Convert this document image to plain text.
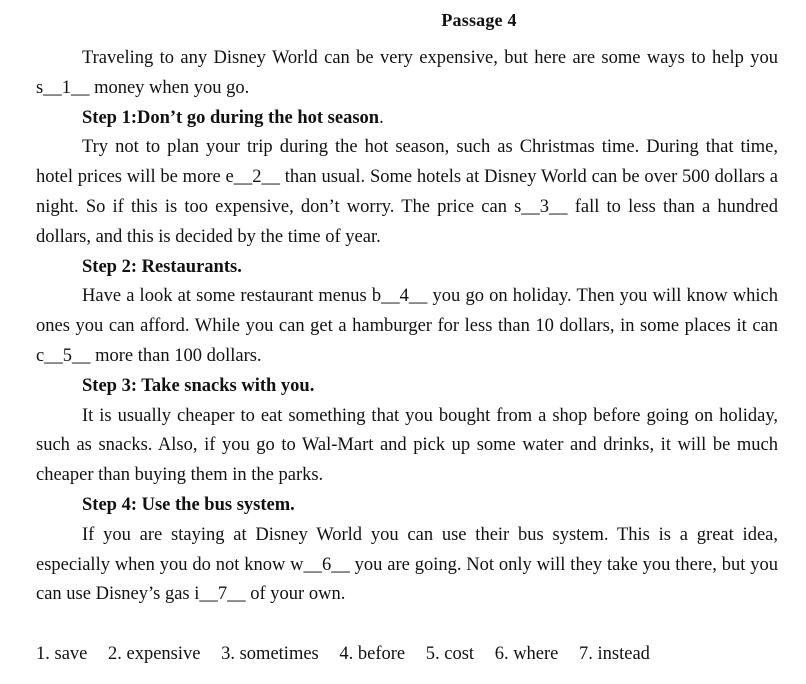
Passage 4

Traveling to any Disney World can be very expensive, but here are some ways to help you s__1__ money when you go.

Step 1:Don’t go during the hot season.

Try not to plan your trip during the hot season, such as Christmas time. During that time, hotel prices will be more e__2__ than usual. Some hotels at Disney World can be over 500 dollars a night. So if this is too expensive, don’t worry. The price can s__3__ fall to less than a hundred dollars, and this is decided by the time of year.

Step 2: Restaurants.

Have a look at some restaurant menus b__4__ you go on holiday. Then you will know which ones you can afford. While you can get a hamburger for less than 10 dollars, in some places it can c__5__ more than 100 dollars.

Step 3: Take snacks with you.

It is usually cheaper to eat something that you bought from a shop before going on holiday, such as snacks. Also, if you go to Wal-Mart and pick up some water and drinks, it will be much cheaper than buying them in the parks.

Step 4: Use the bus system.

If you are staying at Disney World you can use their bus system. This is a great idea, especially when you do not know w__6__ you are going. Not only will they take you there, but you can use Disney’s gas i__7__ of your own.

1. save 2. expensive 3. sometimes 4. before 5. cost 6. where 7. instead
